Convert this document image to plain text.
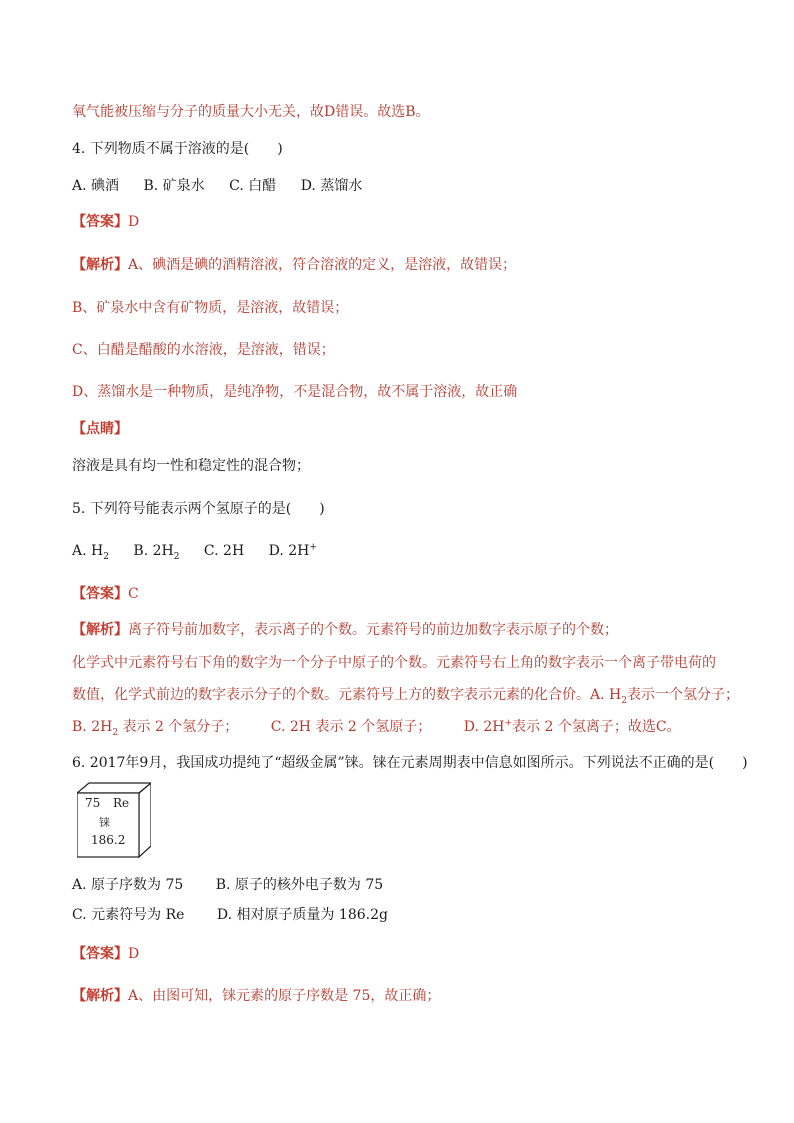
氧气能被压缩与分子的质量大小无关，故D错误。故选B。
4. 下列物质不属于溶液的是(　　)
A. 碘酒 B. 矿泉水 C. 白醋 D. 蒸馏水
【答案】D
【解析】A、碘酒是碘的酒精溶液，符合溶液的定义，是溶液，故错误；
B、矿泉水中含有矿物质，是溶液，故错误；
C、白醋是醋酸的水溶液，是溶液，错误；
D、蒸馏水是一种物质，是纯净物，不是混合物，故不属于溶液，故正确
【点睛】
溶液是具有均一性和稳定性的混合物；
5. 下列符号能表示两个氢原子的是(　　)
A. $H_2$ B. $2H_2$ C. 2H D. 2H+
【答案】C
【解析】离子符号前加数字，表示离子的个数。元素符号的前边加数字表示原子的个数；
化学式中元素符号右下角的数字为一个分子中原子的个数。元素符号右上角的数字表示一个离子带电荷的
数值，化学式前边的数字表示分子的个数。元素符号上方的数字表示元素的化合价。A. $H_2$表示一个氢分子；
B. $2H_2$ 表示 2 个氢分子； C. 2H 表示 2 个氢原子； D. 2H+表示 2 个氢离子；故选C。
6. 2017年9月，我国成功提纯了“超级金属”铼。铼在元素周期表中信息如图所示。下列说法不正确的是(　　)
75 Re
铼
186.2
A. 原子序数为 75 B. 原子的核外电子数为 75
C. 元素符号为 Re D. 相对原子质量为 186.2g
【答案】D
【解析】A、由图可知，铼元素的原子序数是 75，故正确；
